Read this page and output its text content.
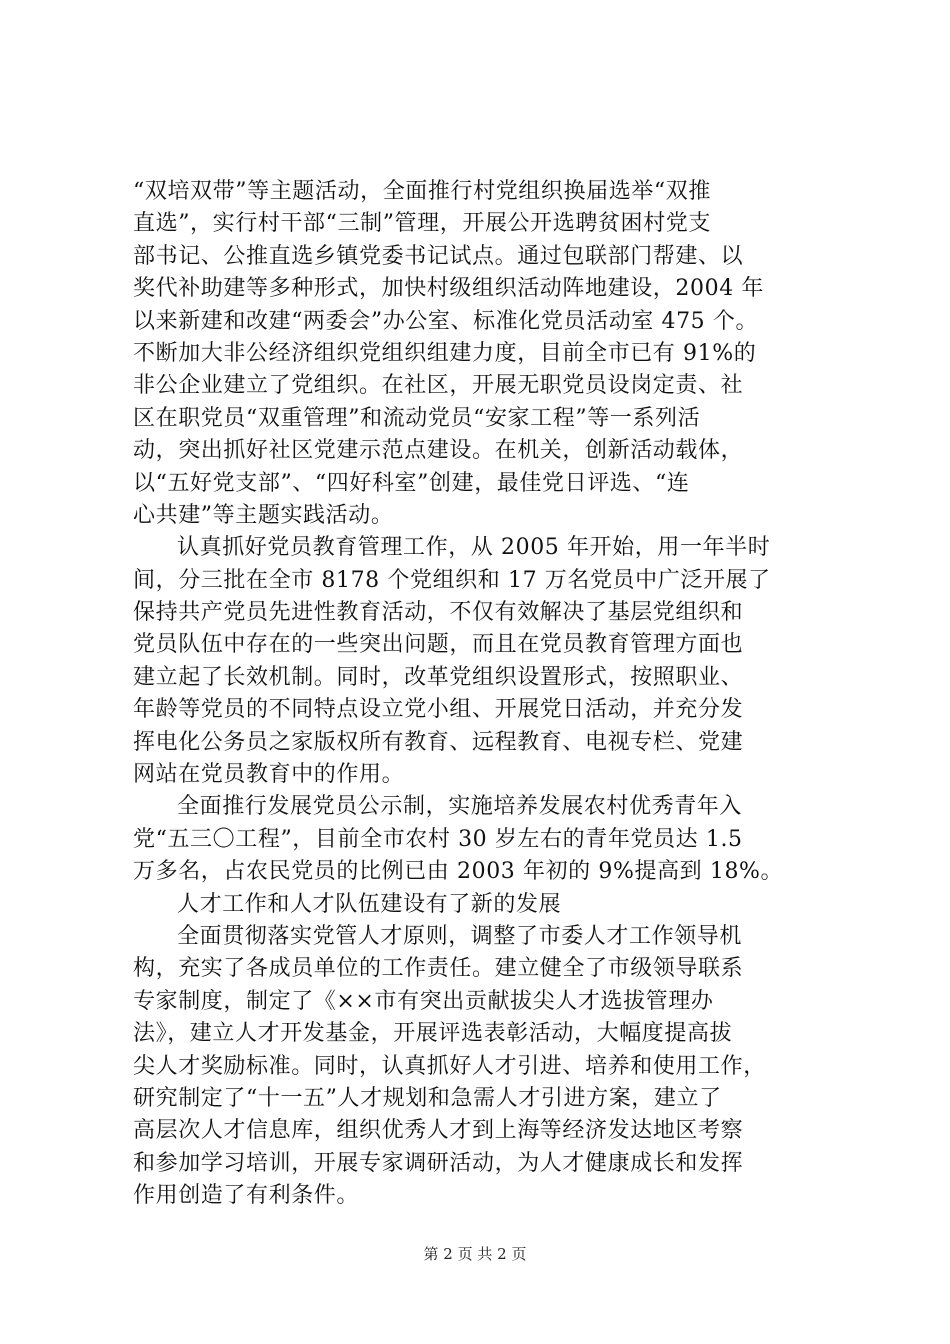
“双培双带”等主题活动，全面推行村党组织换届选举“双推
直选”，实行村干部“三制”管理，开展公开选聘贫困村党支
部书记、公推直选乡镇党委书记试点。通过包联部门帮建、以
奖代补助建等多种形式，加快村级组织活动阵地建设，2004 年
以来新建和改建“两委会”办公室、标准化党员活动室 475 个。
不断加大非公经济组织党组织组建力度，目前全市已有 91%的
非公企业建立了党组织。在社区，开展无职党员设岗定责、社
区在职党员“双重管理”和流动党员“安家工程”等一系列活
动，突出抓好社区党建示范点建设。在机关，创新活动载体，
以“五好党支部”、“四好科室”创建，最佳党日评选、“连
心共建”等主题实践活动。
认真抓好党员教育管理工作，从 2005 年开始，用一年半时
间，分三批在全市 8178 个党组织和 17 万名党员中广泛开展了
保持共产党员先进性教育活动，不仅有效解决了基层党组织和
党员队伍中存在的一些突出问题，而且在党员教育管理方面也
建立起了长效机制。同时，改革党组织设置形式，按照职业、
年龄等党员的不同特点设立党小组、开展党日活动，并充分发
挥电化公务员之家版权所有教育、远程教育、电视专栏、党建
网站在党员教育中的作用。
全面推行发展党员公示制，实施培养发展农村优秀青年入
党“五三〇工程”，目前全市农村 30 岁左右的青年党员达 1.5
万多名，占农民党员的比例已由 2003 年初的 9%提高到 18%。
人才工作和人才队伍建设有了新的发展
全面贯彻落实党管人才原则，调整了市委人才工作领导机
构，充实了各成员单位的工作责任。建立健全了市级领导联系
专家制度，制定了《××市有突出贡献拔尖人才选拔管理办
法》，建立人才开发基金，开展评选表彰活动，大幅度提高拔
尖人才奖励标准。同时，认真抓好人才引进、培养和使用工作，
研究制定了“十一五”人才规划和急需人才引进方案，建立了
高层次人才信息库，组织优秀人才到上海等经济发达地区考察
和参加学习培训，开展专家调研活动，为人才健康成长和发挥
作用创造了有利条件。
第 2 页 共 2 页
